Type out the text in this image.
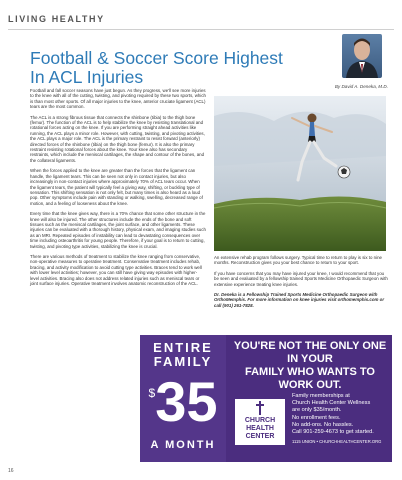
LIVING HEALTHY
Football & Soccer Score Highest
In ACL Injuries	By David A. Deneka, M.D.

Football and fall soccer seasons have just begun. As they progress, we'll see more injuries to the knee with all of the cutting, twisting, and pivoting required by these two sports, which is than most other sports. Of all major injuries to the knee, anterior cruciate ligament (ACL) tears are the most common.

The ACL is a strong fibrous tissue that connects the shinbone (tibia) to the thigh bone (femur). The function of the ACL is to help stabilize the knee by resisting translational and rotational forces acting on the knee. If you are performing straight ahead activities like running, the ACL plays a minor role. However, with cutting, twisting, and pivoting activities, the ACL plays a major role. The ACL is the primary restraint to resist forward (anteriorly) directed forces of the shinbone (tibia) on the thigh bone (femur). It is also the primary restraint resisting rotational forces about the knee. Your knee also has secondary restraints, which include the meniscal cartilages, the shape and contour of the bones, and the collateral ligaments.

When the forces applied to the knee are greater than the forces that the ligament can handle, the ligament tears. This can be seen not only in contact injuries, but also increasingly in non-contact injuries where approximately 70% of ACL tears occur. When the ligament tears, the patient will typically feel a giving way, shifting, or buckling type of sensation. This shifting sensation is not only felt, but many times is also heard as a loud pop. Other symptoms include pain with standing or walking, swelling, decreased range of motion, and a feeling of looseness about the knee.

Every time that the knee gives way, there is a 70% chance that some other structure in the knee will also be injured. The other structures include the ends of the bone and soft tissues such as the meniscal cartilages, the joint surface, and other ligaments. These injuries can be evaluated with a thorough history, physical exam, and imaging studies such as an MRI. Repeated episodes of instability can lead to devastating consequences over time including osteoarthritis for young people. Therefore, if your goal is to return to cutting, twisting, and pivoting type activities, stabilizing the knee is crucial.

There are various methods of treatment to stabilize the knee ranging from conservative, non-operative measures to operative treatment. Conservative treatment includes rehab, bracing, and activity modification to avoid cutting type activities. Braces tend to work well with lower level activities; however, you can still have giving way episodes with higher- level activities. Bracing also does not address related injuries such as meniscal tears or joint surface injuries. Operative treatment involves anatomic reconstruction of the ACL.

An extensive rehab program follows surgery. Typical time to return to play is six to nine months. Reconstruction gives you your best chance to return to your sport.

If you have concerns that you may have injured your knee, I would recommend that you be seen and evaluated by a fellowship trained Sports Medicine Orthopaedic Surgeon with extensive experience treating knee injuries.

Dr. Deneka is a Fellowship Trained Sports Medicine Orthopaedic Surgeon with OrthoMemphis. For more information on knee injuries visit orthomemphis.com or call (901) 261-7828.

ENTIRE
FAMILY
$35
A MONTH
YOU'RE NOT THE ONLY ONE IN YOUR
FAMILY WHO WANTS TO WORK OUT.
CHURCH
HEALTH
CENTER
Family memberships at
Church Health Center Wellness
are only $35/month.
No enrollment fees.
No add-ons. No hassles.
Call 901-259-4673 to get started.
1115 UNION • CHURCHHEALTHCENTER.ORG
16
